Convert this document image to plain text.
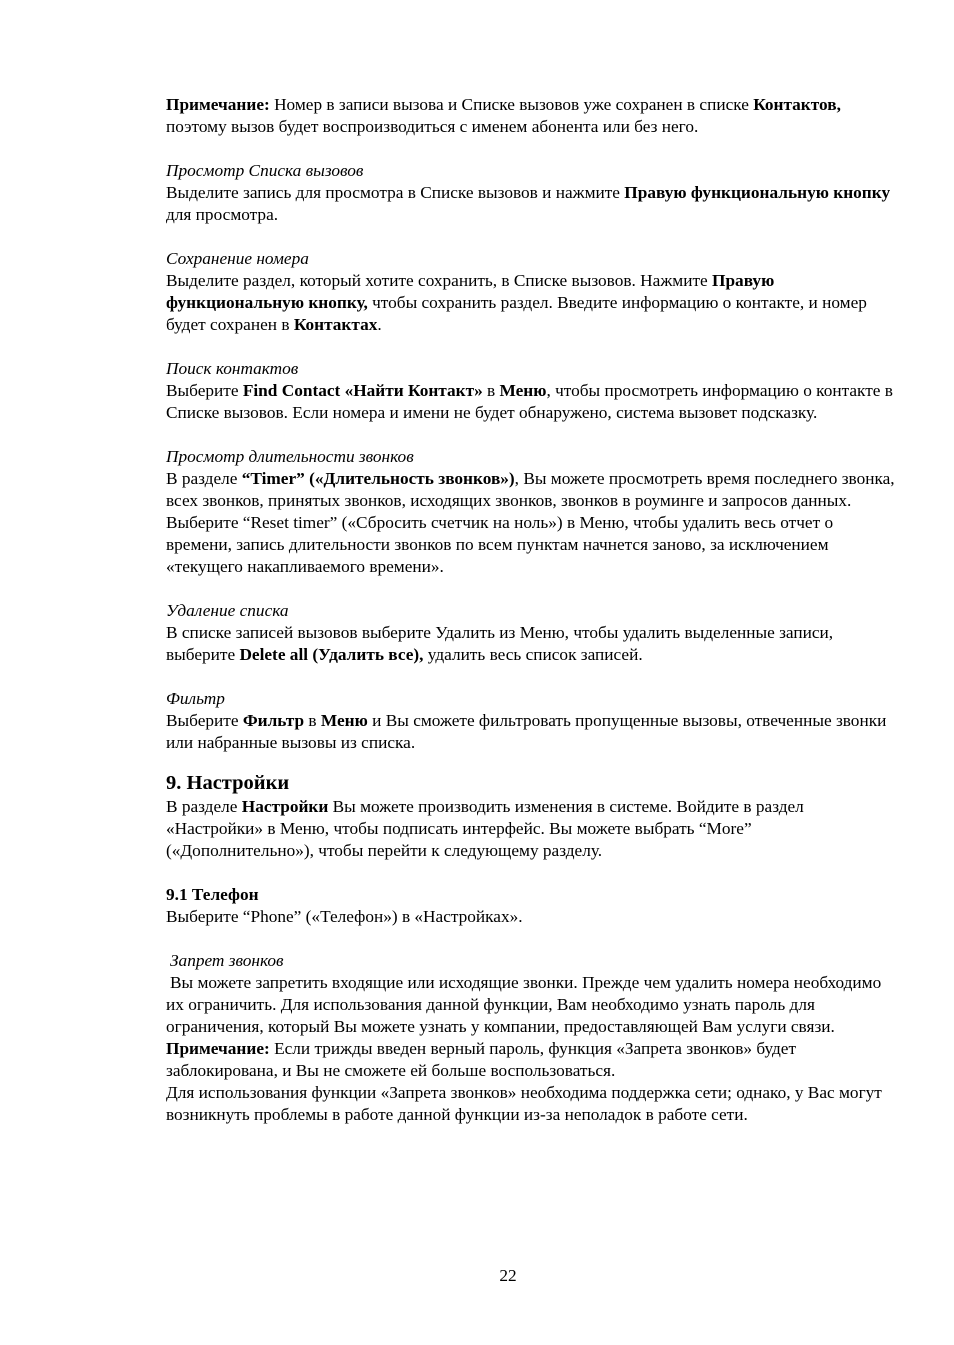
Примечание: Номер в записи вызова и Списке вызовов уже сохранен в списке Контактов, поэтому вызов будет воспроизводиться с именем абонента или без него.

Просмотр Списка вызовов

Выделите запись для просмотра в Списке вызовов и нажмите Правую функциональную кнопку для просмотра.

Сохранение номера

Выделите раздел, который хотите сохранить, в Списке вызовов. Нажмите Правую функциональную кнопку, чтобы сохранить раздел. Введите информацию о контакте, и номер будет сохранен в Контактах.

Поиск контактов

Выберите Find Contact «Найти Контакт» в Меню, чтобы просмотреть информацию о контакте в Списке вызовов. Если номера и имени не будет обнаружено, система вызовет подсказку.

Просмотр длительности звонков

В разделе “Timer” («Длительность звонков»), Вы можете просмотреть время последнего звонка, всех звонков, принятых звонков, исходящих звонков, звонков в роуминге и запросов данных. Выберите “Reset timer” («Сбросить счетчик на ноль») в Меню, чтобы удалить весь отчет о времени, запись длительности звонков по всем пунктам начнется заново, за исключением «текущего накапливаемого времени».

Удаление списка

В списке записей вызовов выберите Удалить из Меню, чтобы удалить выделенные записи, выберите Delete all (Удалить все), удалить весь список записей.

Фильтр

Выберите Фильтр в Меню и Вы сможете фильтровать пропущенные вызовы, отвеченные звонки или набранные вызовы из списка.

9. Настройки

В разделе Настройки Вы можете производить изменения в системе. Войдите в раздел «Настройки» в Меню, чтобы подписать интерфейс. Вы можете выбрать “More” («Дополнительно»), чтобы перейти к следующему разделу.

9.1 Телефон

Выберите “Phone” («Телефон») в «Настройках».

Запрет звонков

Вы можете запретить входящие или исходящие звонки. Прежде чем удалить номера необходимо их ограничить. Для использования данной функции, Вам необходимо узнать пароль для ограничения, который Вы можете узнать у компании, предоставляющей Вам услуги связи.

Примечание: Если трижды введен верный пароль, функция «Запрета звонков» будет заблокирована, и Вы не сможете ей больше воспользоваться.

Для использования функции «Запрета звонков» необходима поддержка сети; однако, у Вас могут возникнуть проблемы в работе данной функции из-за неполадок в работе сети.

22
